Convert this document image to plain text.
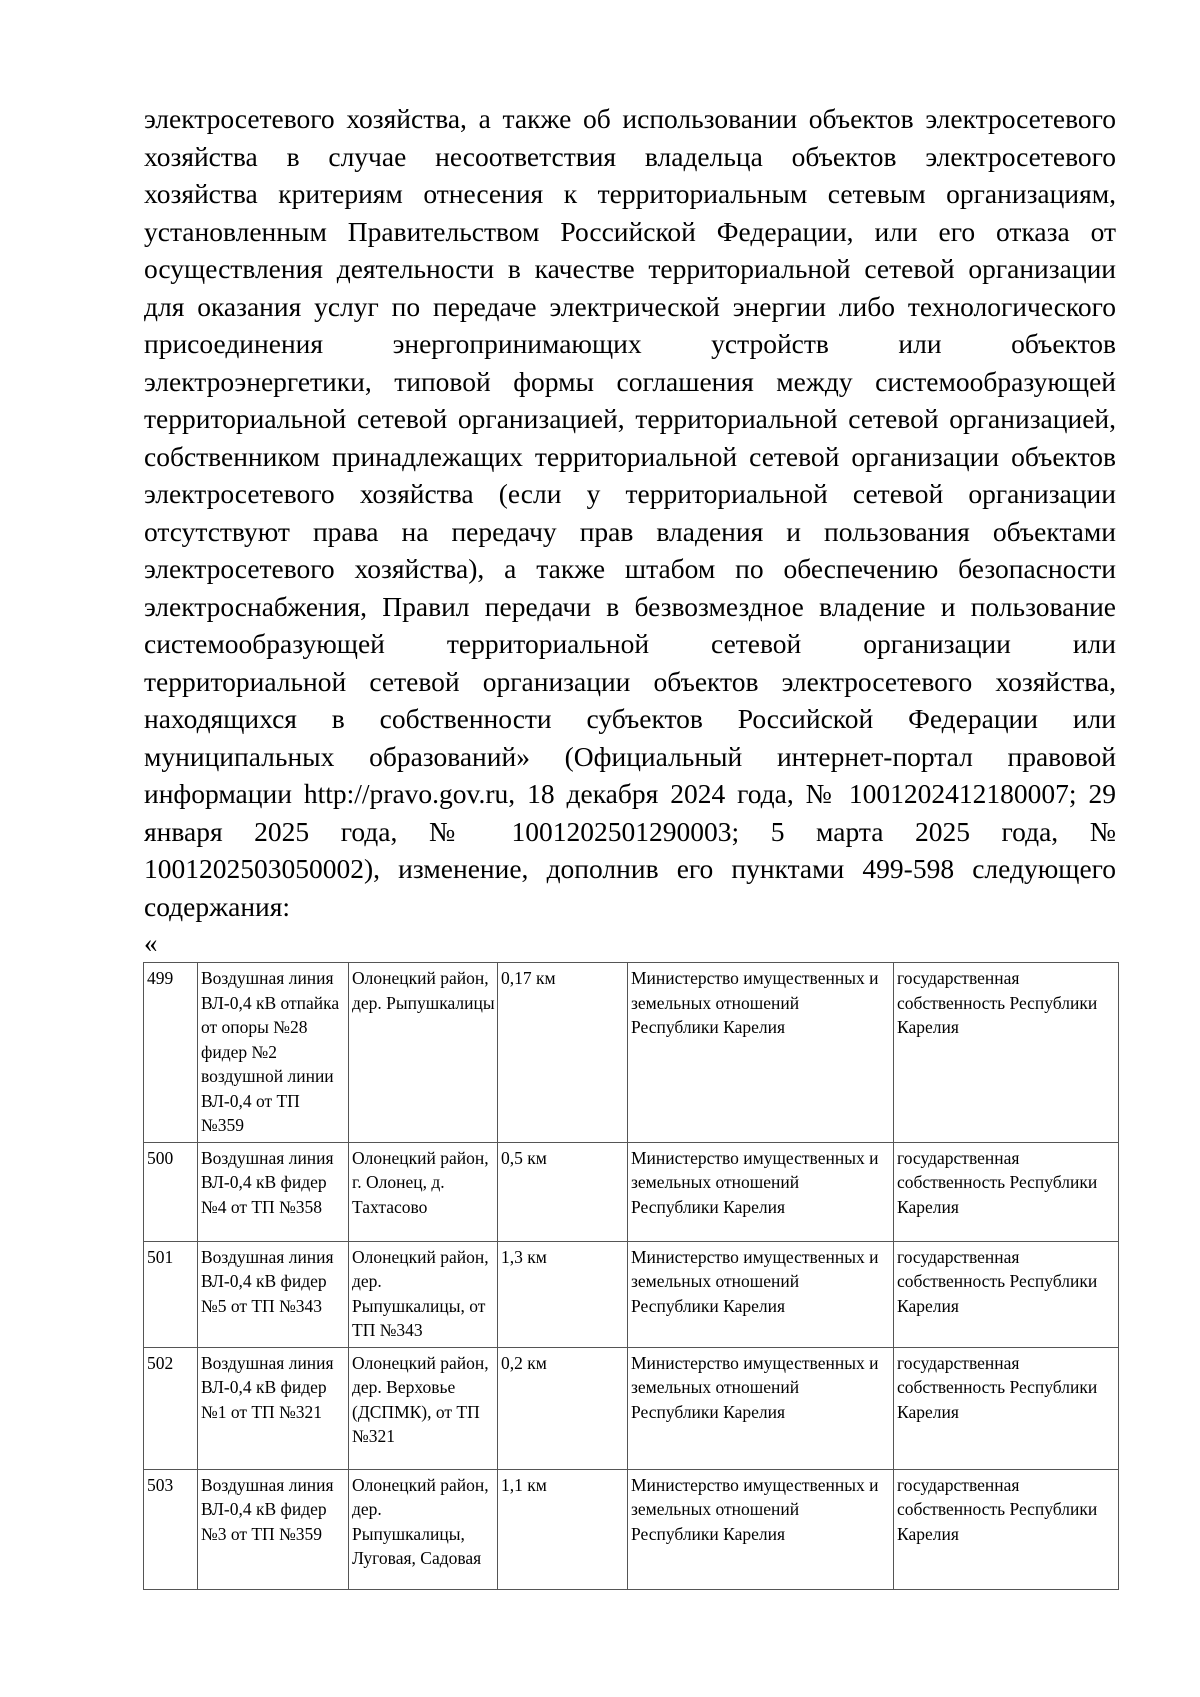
электросетевого хозяйства, а также об использовании объектов электросетевого
хозяйства в случае несоответствия владельца объектов электросетевого
хозяйства критериям отнесения к территориальным сетевым организациям,
установленным Правительством Российской Федерации, или его отказа от
осуществления деятельности в качестве территориальной сетевой организации
для оказания услуг по передаче электрической энергии либо технологического
присоединения энергопринимающих устройств или объектов
электроэнергетики, типовой формы соглашения между системообразующей
территориальной сетевой организацией, территориальной сетевой организацией,
собственником принадлежащих территориальной сетевой организации объектов
электросетевого хозяйства (если у территориальной сетевой организации
отсутствуют права на передачу прав владения и пользования объектами
электросетевого хозяйства), а также штабом по обеспечению безопасности
электроснабжения, Правил передачи в безвозмездное владение и пользование
системообразующей территориальной сетевой организации или
территориальной сетевой организации объектов электросетевого хозяйства,
находящихся в собственности субъектов Российской Федерации или
муниципальных образований» (Официальный интернет-портал правовой
информации http://pravo.gov.ru, 18 декабря 2024 года, № 1001202412180007; 29
января 2025 года, № 1001202501290003; 5 марта 2025 года, №
1001202503050002), изменение, дополнив его пунктами 499-598 следующего
содержания:
«
499	Воздушная линия ВЛ-0,4 кВ отпайка от опоры №28 фидер №2 воздушной линии ВЛ-0,4 от ТП №359	Олонецкий район, дер. Рыпушкалицы	0,17 км	Министерство имущественных и земельных отношений Республики Карелия	государственная собственность Республики Карелия
500	Воздушная линия ВЛ-0,4 кВ фидер №4 от ТП №358	Олонецкий район, г. Олонец, д. Тахтасово	0,5 км	Министерство имущественных и земельных отношений Республики Карелия	государственная собственность Республики Карелия
501	Воздушная линия ВЛ-0,4 кВ фидер №5 от ТП №343	Олонецкий район, дер. Рыпушкалицы, от ТП №343	1,3 км	Министерство имущественных и земельных отношений Республики Карелия	государственная собственность Республики Карелия
502	Воздушная линия ВЛ-0,4 кВ фидер №1 от ТП №321	Олонецкий район, дер. Верховье (ДСПМК), от ТП №321	0,2 км	Министерство имущественных и земельных отношений Республики Карелия	государственная собственность Республики Карелия
503	Воздушная линия ВЛ-0,4 кВ фидер №3 от ТП №359	Олонецкий район, дер. Рыпушкалицы, Луговая, Садовая	1,1 км	Министерство имущественных и земельных отношений Республики Карелия	государственная собственность Республики Карелия
